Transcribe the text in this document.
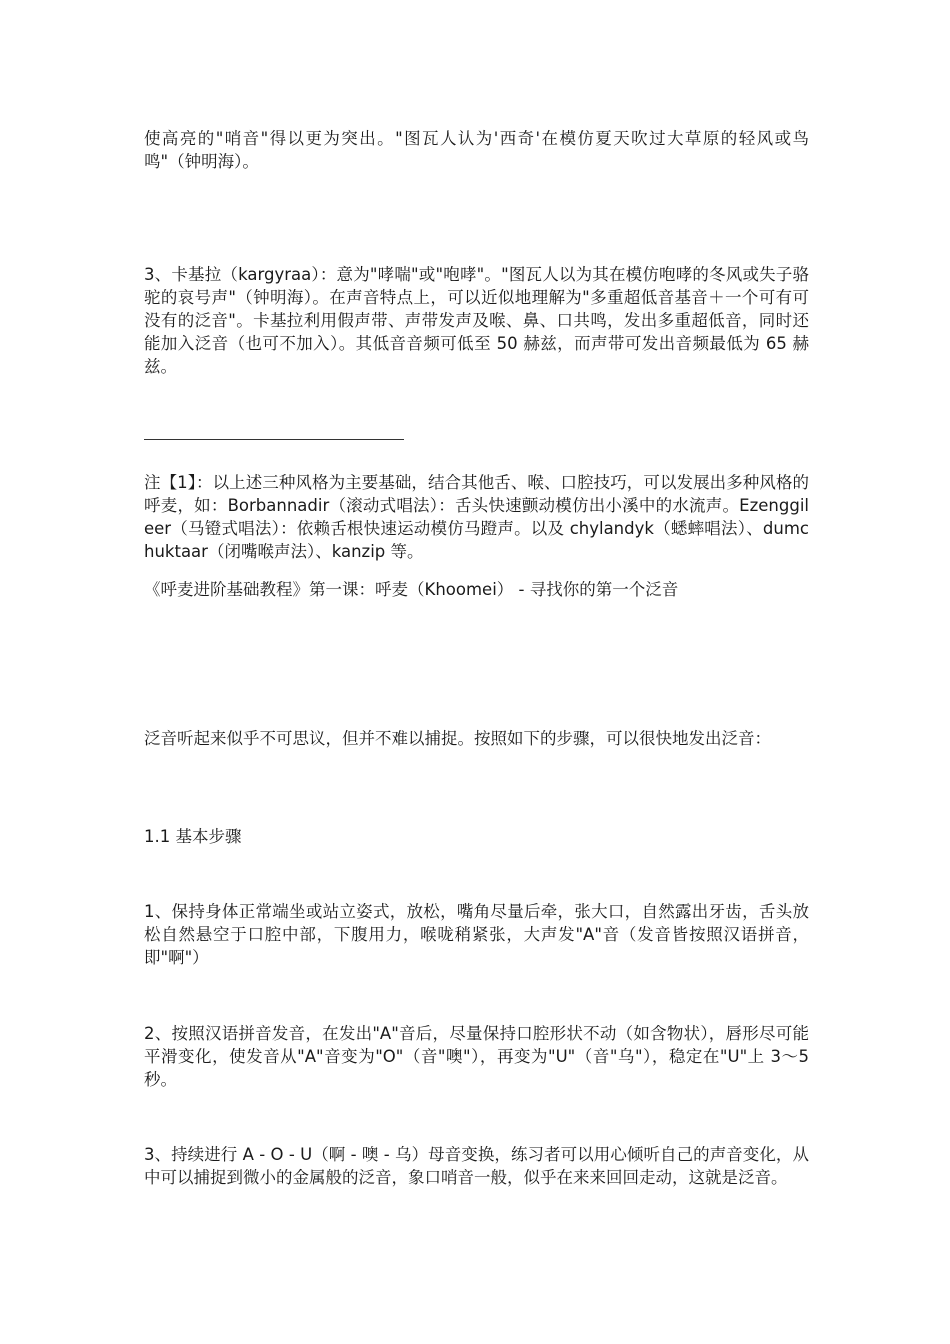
使高亮的"哨音"得以更为突出。"图瓦人认为'西奇'在模仿夏天吹过大草原的轻风或鸟鸣"（钟明海）。

3、卡基拉（kargyraa）：意为"哮喘"或"咆哮"。"图瓦人以为其在模仿咆哮的冬风或失子骆驼的哀号声"（钟明海）。在声音特点上，可以近似地理解为"多重超低音基音＋一个可有可没有的泛音"。卡基拉利用假声带、声带发声及喉、鼻、口共鸣，发出多重超低音，同时还能加入泛音（也可不加入）。其低音音频可低至 50 赫兹，而声带可发出音频最低为 65 赫兹。

注【1】：以上述三种风格为主要基础，结合其他舌、喉、口腔技巧，可以发展出多种风格的呼麦，如：Borbannadir（滚动式唱法）：舌头快速颤动模仿出小溪中的水流声。Ezenggileer（马镫式唱法）：依赖舌根快速运动模仿马蹬声。以及 chylandyk（蟋蟀唱法）、dumchuktaar（闭嘴喉声法）、kanzip 等。

《呼麦进阶基础教程》第一课：呼麦（Khoomei） - 寻找你的第一个泛音

泛音听起来似乎不可思议，但并不难以捕捉。按照如下的步骤，可以很快地发出泛音：

1.1 基本步骤

1、保持身体正常端坐或站立姿式，放松，嘴角尽量后牵，张大口，自然露出牙齿，舌头放松自然悬空于口腔中部，下腹用力，喉咙稍紧张，大声发"A"音（发音皆按照汉语拼音，即"啊"）

2、按照汉语拼音发音，在发出"A"音后，尽量保持口腔形状不动（如含物状），唇形尽可能平滑变化，使发音从"A"音变为"O"（音"噢"），再变为"U"（音"乌"），稳定在"U"上 3～5 秒。

3、持续进行 A - O - U（啊 - 噢 - 乌）母音变换，练习者可以用心倾听自己的声音变化，从中可以捕捉到微小的金属般的泛音，象口哨音一般，似乎在来来回回走动，这就是泛音。
